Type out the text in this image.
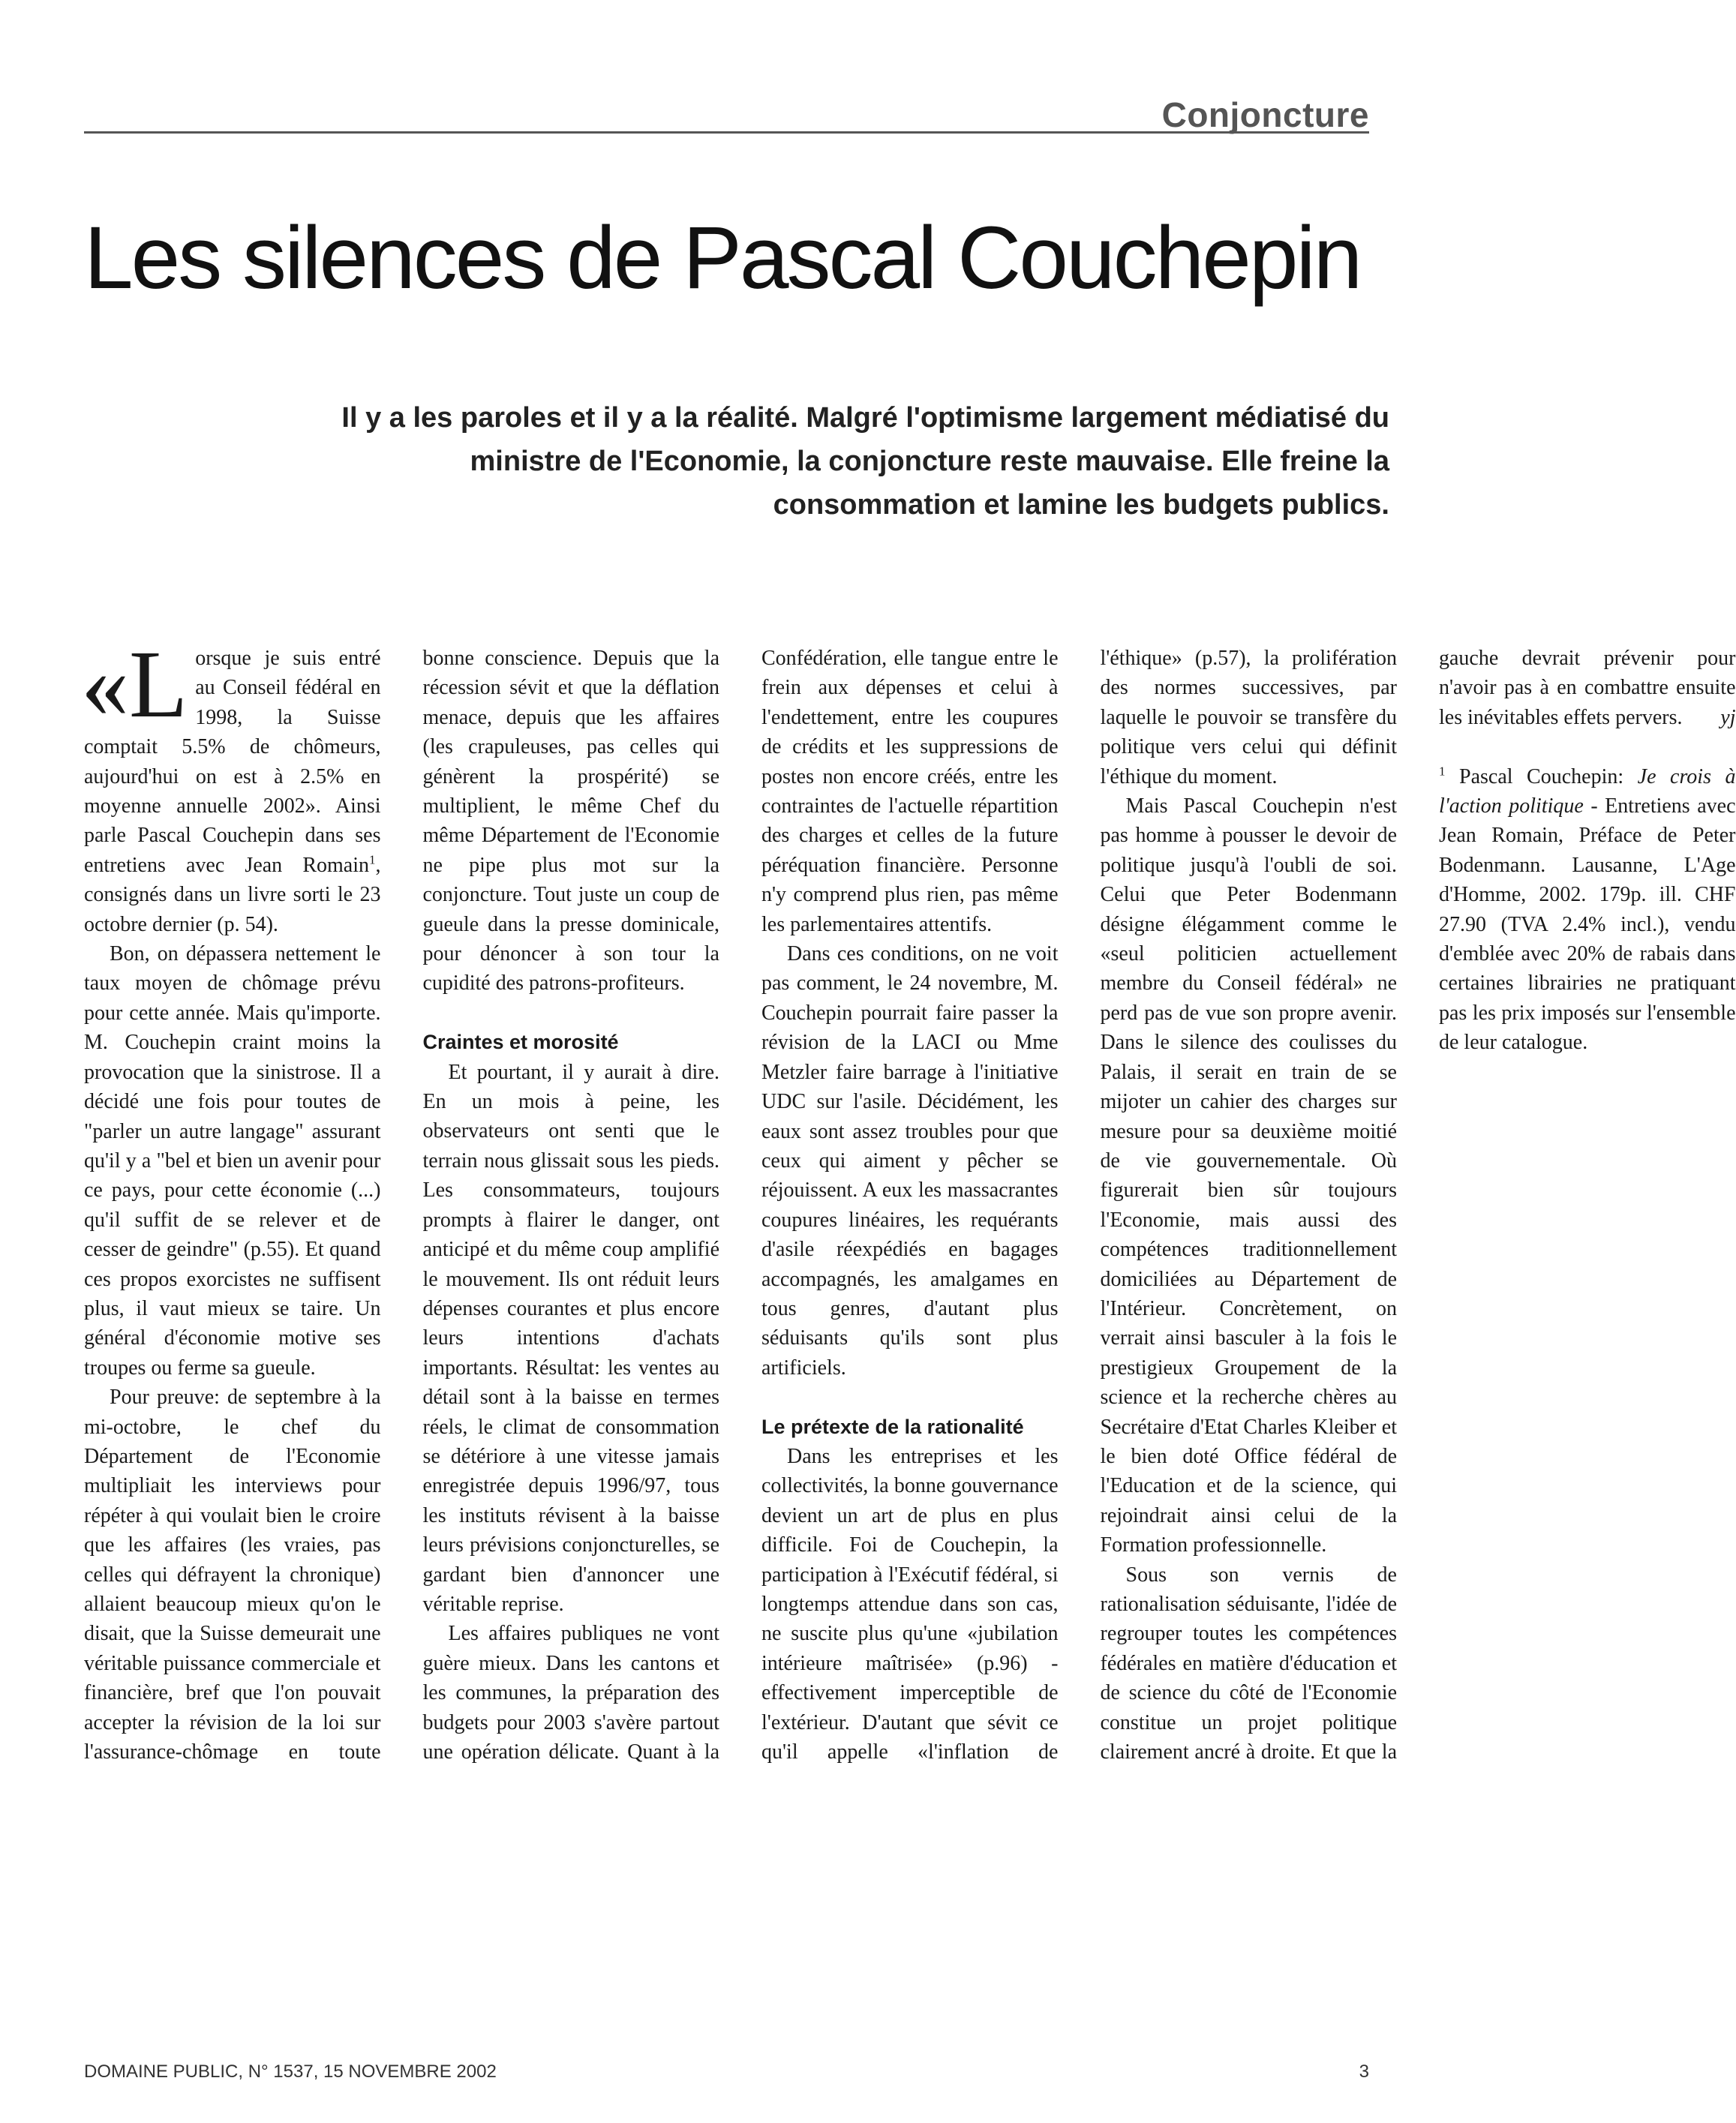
Conjoncture
Les silences de Pascal Couchepin

Il y a les paroles et il y a la réalité. Malgré l'optimisme largement médiatisé du ministre de l'Economie, la conjoncture reste mauvaise. Elle freine la consommation et lamine les budgets publics.

«Lorsque je suis entré au Conseil fédéral en 1998, la Suisse comptait 5.5% de chômeurs, aujourd'hui on est à 2.5% en moyenne annuelle 2002». Ainsi parle Pascal Couchepin dans ses entretiens avec Jean Romain$^1$, consignés dans un livre sorti le 23 octobre dernier (p. 54).

Bon, on dépassera nettement le taux moyen de chômage prévu pour cette année. Mais qu'importe. M. Couchepin craint moins la provocation que la sinistrose. Il a décidé une fois pour toutes de "parler un autre langage" assurant qu'il y a "bel et bien un avenir pour ce pays, pour cette économie (...) qu'il suffit de se relever et de cesser de geindre" (p.55). Et quand ces propos exorcistes ne suffisent plus, il vaut mieux se taire. Un général d'économie motive ses troupes ou ferme sa gueule.

Pour preuve: de septembre à la mi-octobre, le chef du Département de l'Economie multipliait les interviews pour répéter à qui voulait bien le croire que les affaires (les vraies, pas celles qui défrayent la chronique) allaient beaucoup mieux qu'on le disait, que la Suisse demeurait une véritable puissance commerciale et financière, bref que l'on pouvait accepter la révision de la loi sur l'assurance-chômage en toute bonne conscience. Depuis que la récession sévit et que la déflation menace, depuis que les affaires (les crapuleuses, pas celles qui génèrent la prospérité) se multiplient, le même Chef du même Département de l'Economie ne pipe plus mot sur la conjoncture. Tout juste un coup de gueule dans la presse dominicale, pour dénoncer à son tour la cupidité des patrons-profiteurs.

Craintes et morosité

Et pourtant, il y aurait à dire. En un mois à peine, les observateurs ont senti que le terrain nous glissait sous les pieds. Les consommateurs, toujours prompts à flairer le danger, ont anticipé et du même coup amplifié le mouvement. Ils ont réduit leurs dépenses courantes et plus encore leurs intentions d'achats importants. Résultat: les ventes au détail sont à la baisse en termes réels, le climat de consommation se détériore à une vitesse jamais enregistrée depuis 1996/97, tous les instituts révisent à la baisse leurs prévisions conjoncturelles, se gardant bien d'annoncer une véritable reprise.

Les affaires publiques ne vont guère mieux. Dans les cantons et les communes, la préparation des budgets pour 2003 s'avère partout une opération délicate. Quant à la Confédération, elle tangue entre le frein aux dépenses et celui à l'endettement, entre les coupures de crédits et les suppressions de postes non encore créés, entre les contraintes de l'actuelle répartition des charges et celles de la future péréquation financière. Personne n'y comprend plus rien, pas même les parlementaires attentifs.

Dans ces conditions, on ne voit pas comment, le 24 novembre, M. Couchepin pourrait faire passer la révision de la LACI ou Mme Metzler faire barrage à l'initiative UDC sur l'asile. Décidément, les eaux sont assez troubles pour que ceux qui aiment y pêcher se réjouissent. A eux les massacrantes coupures linéaires, les requérants d'asile réexpédiés en bagages accompagnés, les amalgames en tous genres, d'autant plus séduisants qu'ils sont plus artificiels.

Le prétexte de la rationalité

Dans les entreprises et les collectivités, la bonne gouvernance devient un art de plus en plus difficile. Foi de Couchepin, la participation à l'Exécutif fédéral, si longtemps attendue dans son cas, ne suscite plus qu'une «jubilation intérieure maîtrisée» (p.96) - effectivement imperceptible de l'extérieur. D'autant que sévit ce qu'il appelle «l'inflation de l'éthique» (p.57), la prolifération des normes successives, par laquelle le pouvoir se transfère du politique vers celui qui définit l'éthique du moment.

Mais Pascal Couchepin n'est pas homme à pousser le devoir de politique jusqu'à l'oubli de soi. Celui que Peter Bodenmann désigne élégamment comme le «seul politicien actuellement membre du Conseil fédéral» ne perd pas de vue son propre avenir. Dans le silence des coulisses du Palais, il serait en train de se mijoter un cahier des charges sur mesure pour sa deuxième moitié de vie gouvernementale. Où figurerait bien sûr toujours l'Economie, mais aussi des compétences traditionnellement domiciliées au Département de l'Intérieur. Concrètement, on verrait ainsi basculer à la fois le prestigieux Groupement de la science et la recherche chères au Secrétaire d'Etat Charles Kleiber et le bien doté Office fédéral de l'Education et de la science, qui rejoindrait ainsi celui de la Formation professionnelle.

Sous son vernis de rationalisation séduisante, l'idée de regrouper toutes les compétences fédérales en matière d'éducation et de science du côté de l'Economie constitue un projet politique clairement ancré à droite. Et que la gauche devrait prévenir pour n'avoir pas à en combattre ensuite les inévitables effets pervers.	yj

$^1$ Pascal Couchepin: Je crois à l'action politique - Entretiens avec Jean Romain, Préface de Peter Bodenmann. Lausanne, L'Age d'Homme, 2002. 179p. ill. CHF 27.90 (TVA 2.4% incl.), vendu d'emblée avec 20% de rabais dans certaines librairies ne pratiquant pas les prix imposés sur l'ensemble de leur catalogue.

DOMAINE PUBLIC, N° 1537, 15 NOVEMBRE 2002	3
